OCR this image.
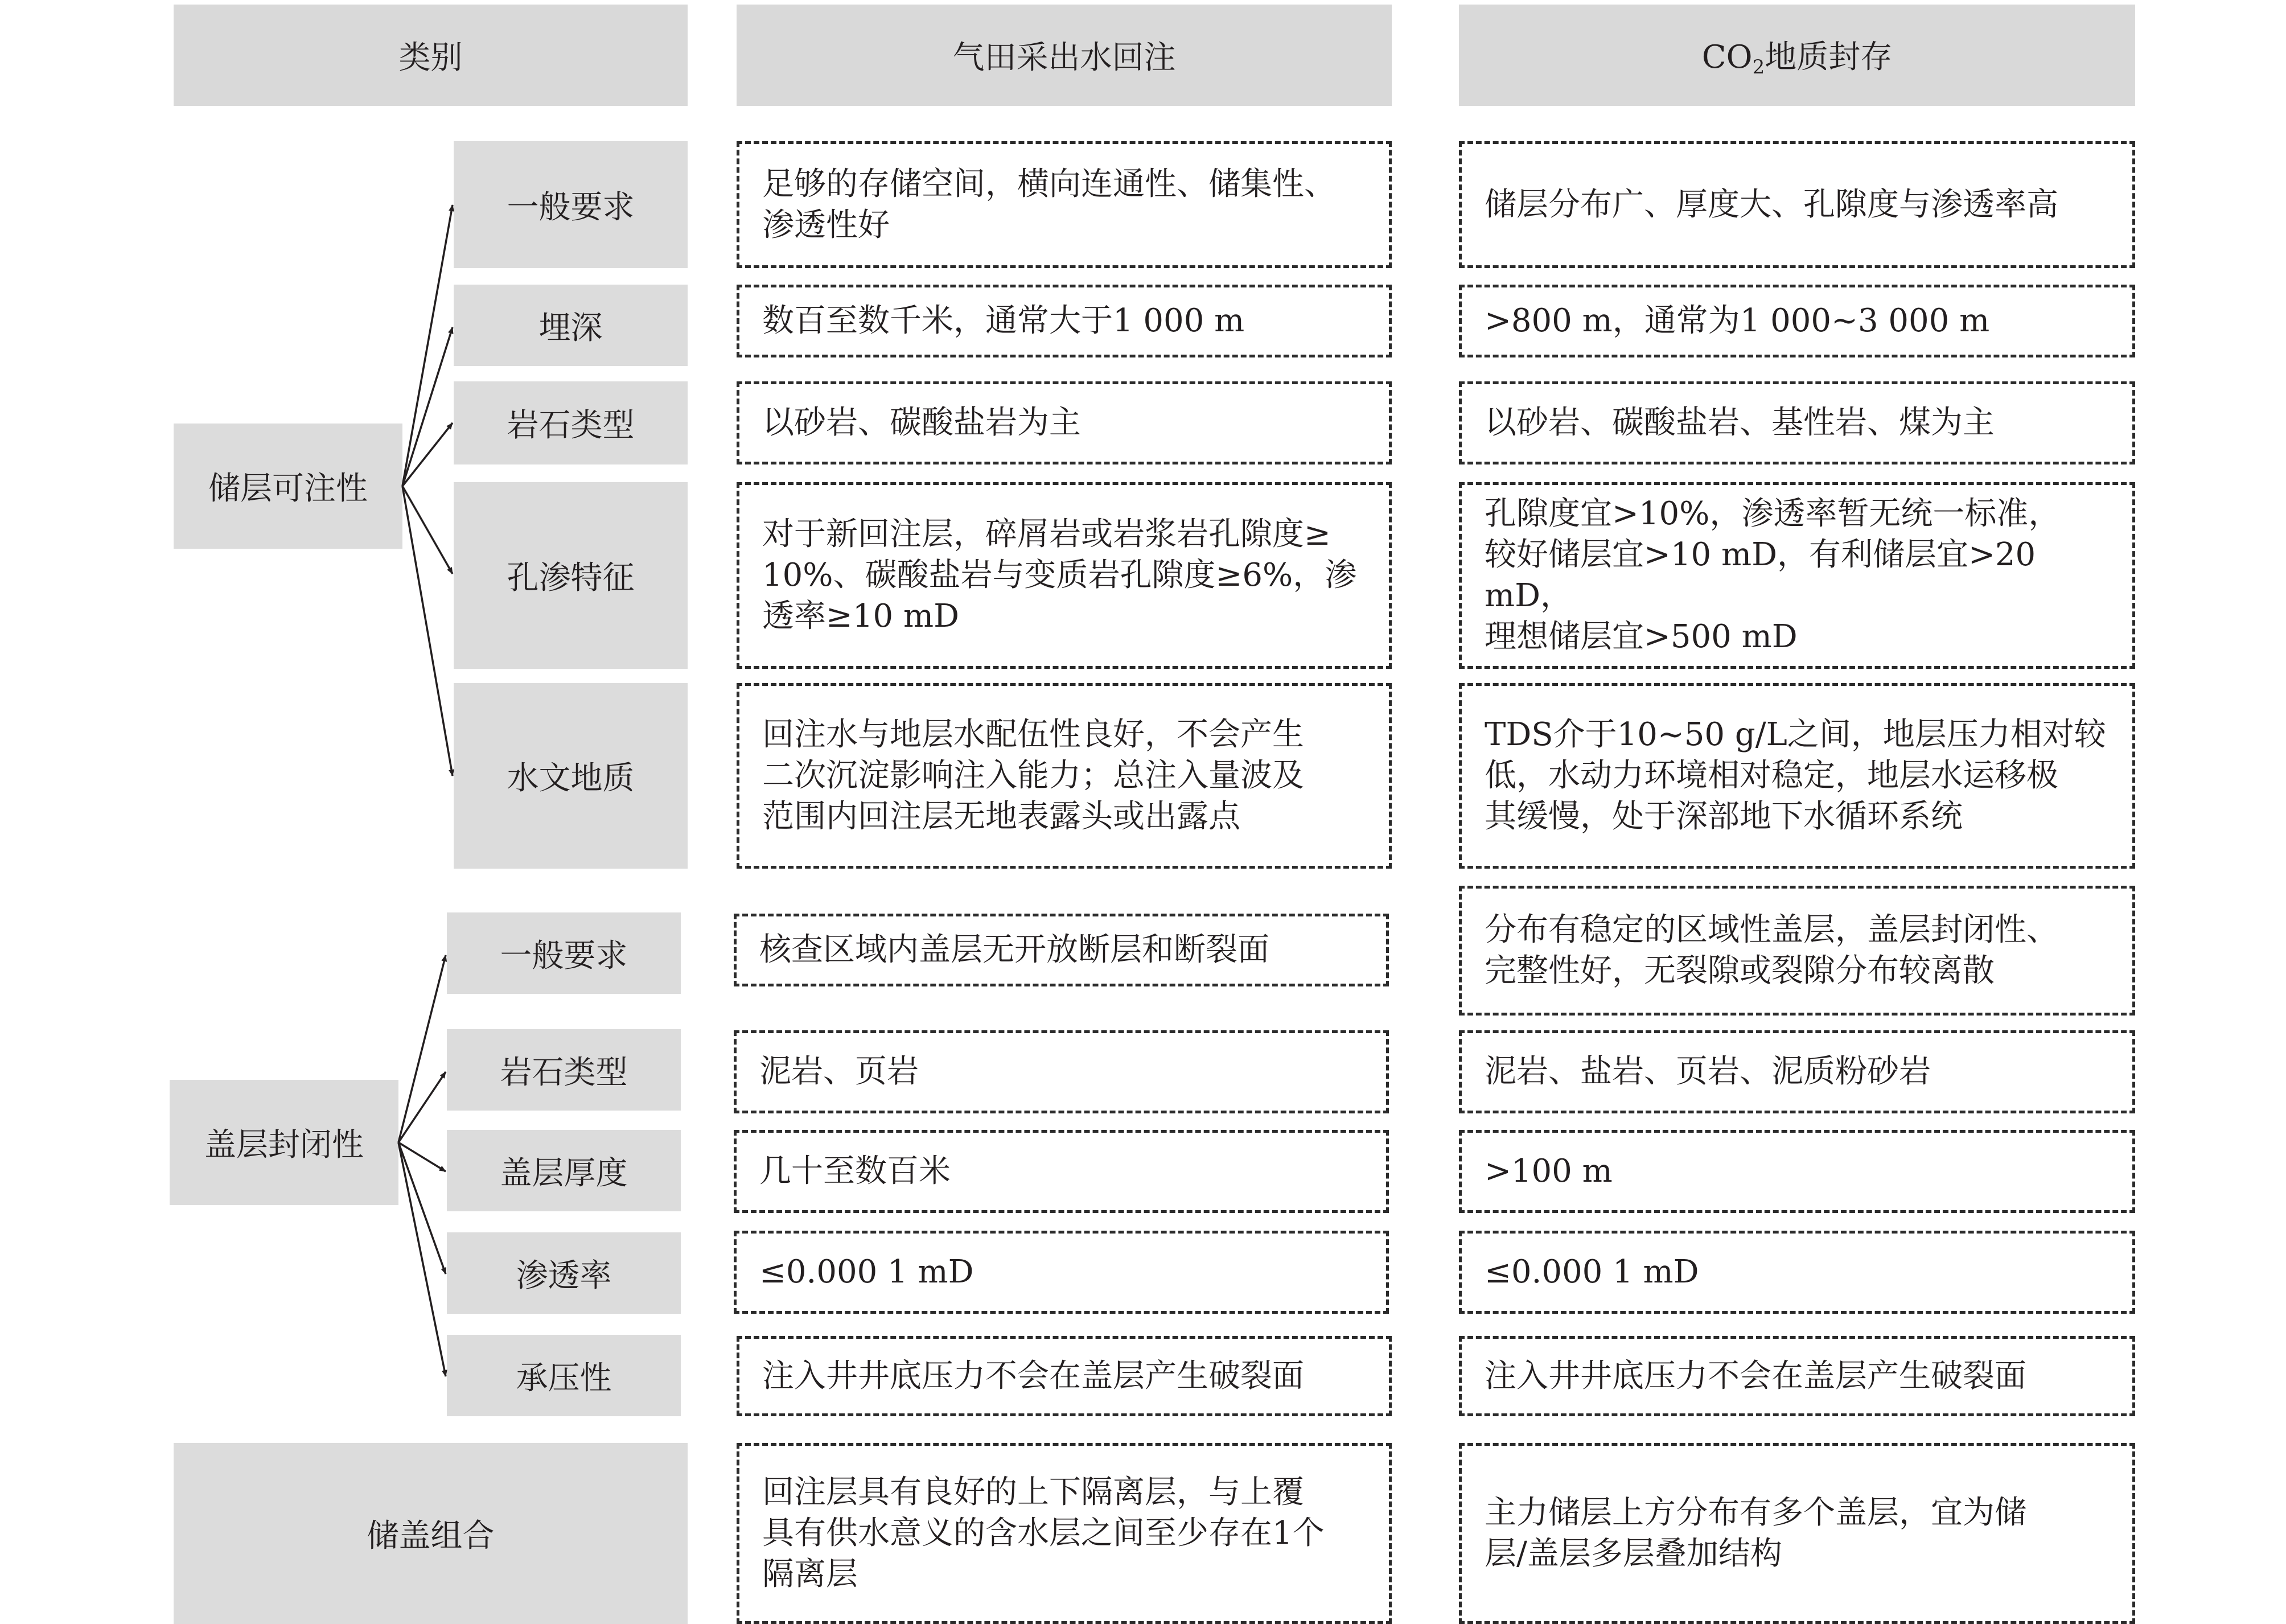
类别	气田采出水回注	$CO_2$地质封存
储层可注性
盖层封闭性
储盖组合
一般要求
埋深
岩石类型
孔渗特征
水文地质
一般要求
岩石类型
盖层厚度
渗透率
承压性
足够的存储空间，横向连通性、储集性、
渗透性好
数百至数千米，通常大于1 000 m
以砂岩、碳酸盐岩为主
对于新回注层，碎屑岩或岩浆岩孔隙度≥
10%、碳酸盐岩与变质岩孔隙度≥6%，渗
透率≥10 mD
回注水与地层水配伍性良好，不会产生
二次沉淀影响注入能力；总注入量波及
范围内回注层无地表露头或出露点
核查区域内盖层无开放断层和断裂面
泥岩、页岩
几十至数百米
≤0.000 1 mD
注入井井底压力不会在盖层产生破裂面
回注层具有良好的上下隔离层，与上覆
具有供水意义的含水层之间至少存在1个
隔离层
储层分布广、厚度大、孔隙度与渗透率高
>800 m，通常为1 000~3 000 m
以砂岩、碳酸盐岩、基性岩、煤为主
孔隙度宜>10%，渗透率暂无统一标准，
较好储层宜>10 mD，有利储层宜>20 mD，
理想储层宜>500 mD
TDS介于10~50 g/L之间，地层压力相对较
低，水动力环境相对稳定，地层水运移极
其缓慢，处于深部地下水循环系统
分布有稳定的区域性盖层，盖层封闭性、
完整性好，无裂隙或裂隙分布较离散
泥岩、盐岩、页岩、泥质粉砂岩
>100 m
≤0.000 1 mD
注入井井底压力不会在盖层产生破裂面
主力储层上方分布有多个盖层，宜为储
层/盖层多层叠加结构
